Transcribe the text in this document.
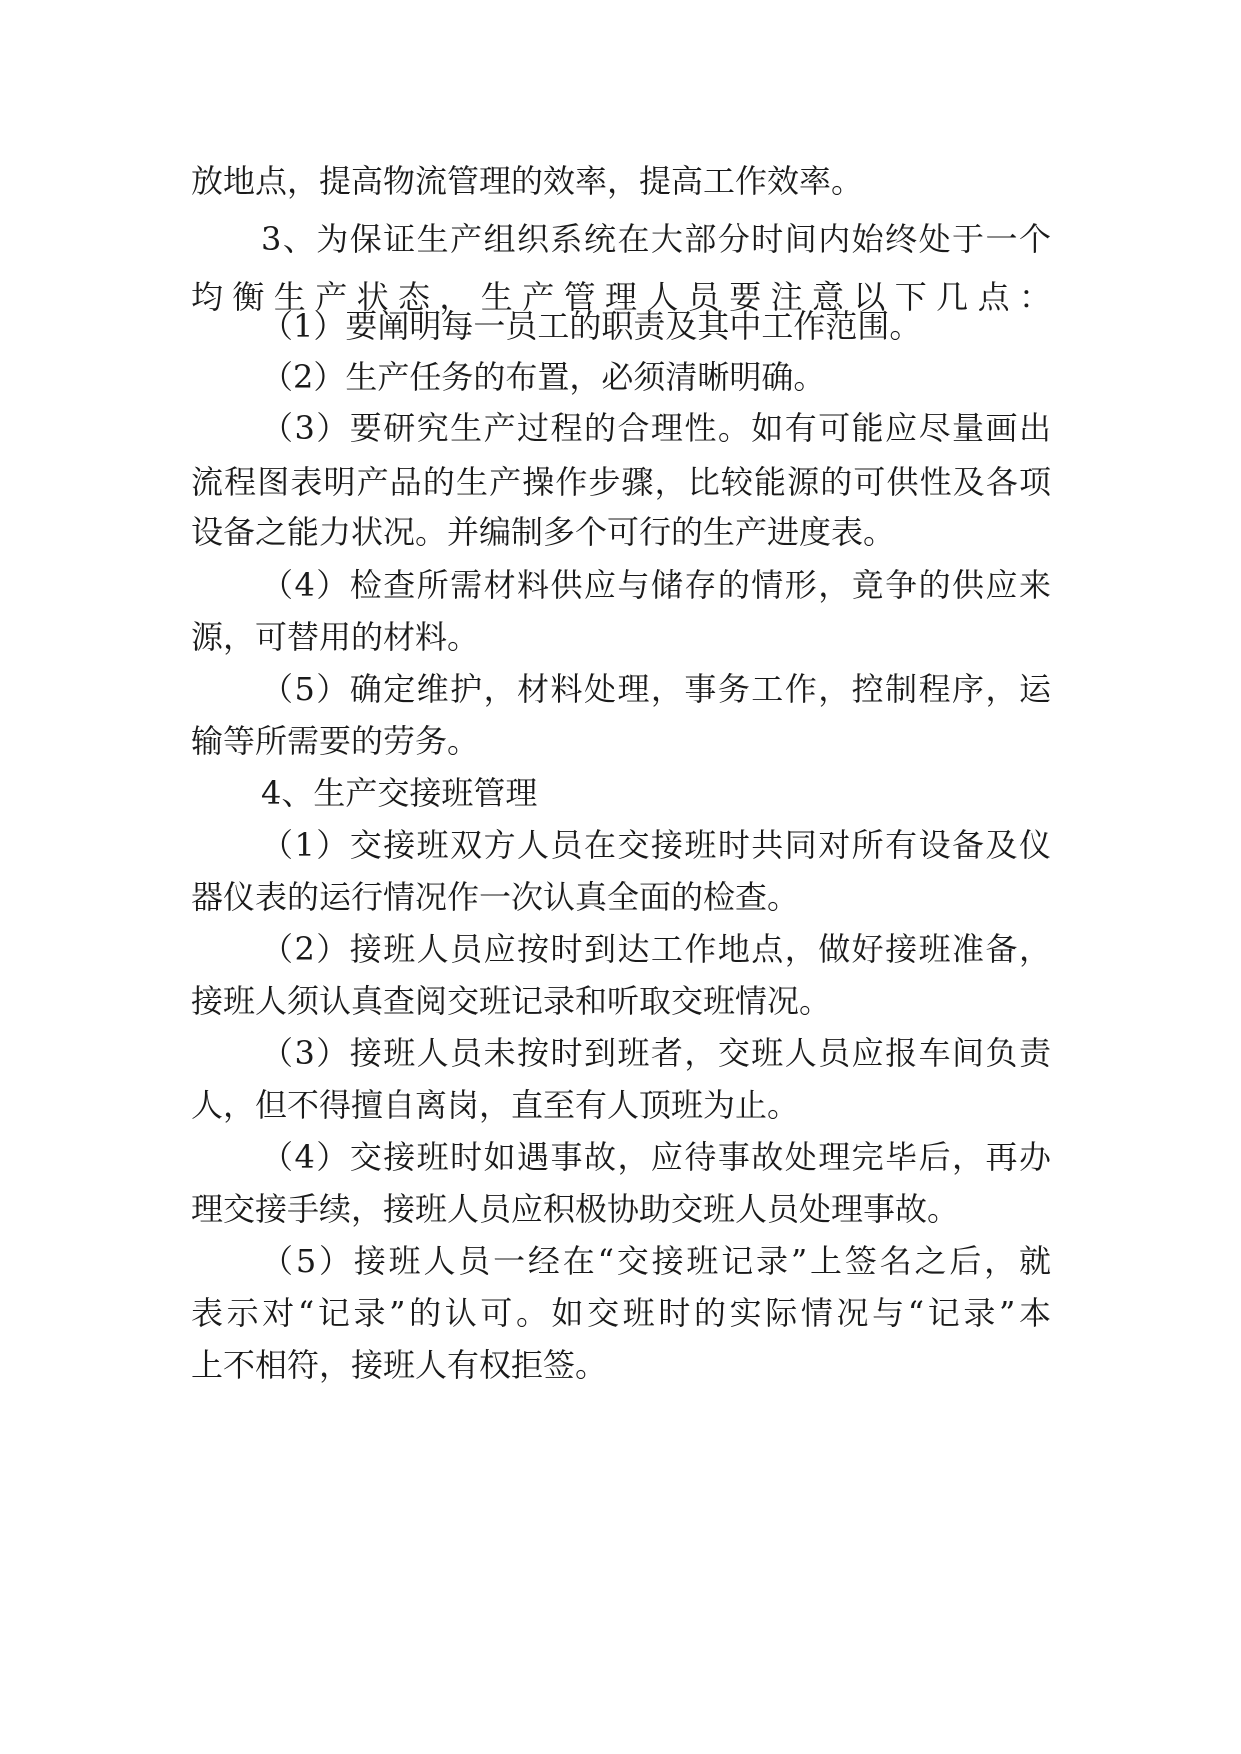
放地点，提高物流管理的效率，提高工作效率。
3、为保证生产组织系统在大部分时间内始终处于一个
均衡生产状态，生产管理人员要注意以下几点：
（1）要阐明每一员工的职责及其中工作范围。
（2）生产任务的布置，必须清晰明确。
（3）要研究生产过程的合理性。如有可能应尽量画出
流程图表明产品的生产操作步骤，比较能源的可供性及各项
设备之能力状况。并编制多个可行的生产进度表。
（4）检查所需材料供应与储存的情形，竟争的供应来
源，可替用的材料。
（5）确定维护，材料处理，事务工作，控制程序，运
输等所需要的劳务。
4、生产交接班管理
（1）交接班双方人员在交接班时共同对所有设备及仪
器仪表的运行情况作一次认真全面的检查。
（2）接班人员应按时到达工作地点，做好接班准备，
接班人须认真查阅交班记录和听取交班情况。
（3）接班人员未按时到班者，交班人员应报车间负责
人，但不得擅自离岗，直至有人顶班为止。
（4）交接班时如遇事故，应待事故处理完毕后，再办
理交接手续，接班人员应积极协助交班人员处理事故。
（5）接班人员一经在“交接班记录”上签名之后，就
表示对“记录”的认可。如交班时的实际情况与“记录”本
上不相符，接班人有权拒签。
